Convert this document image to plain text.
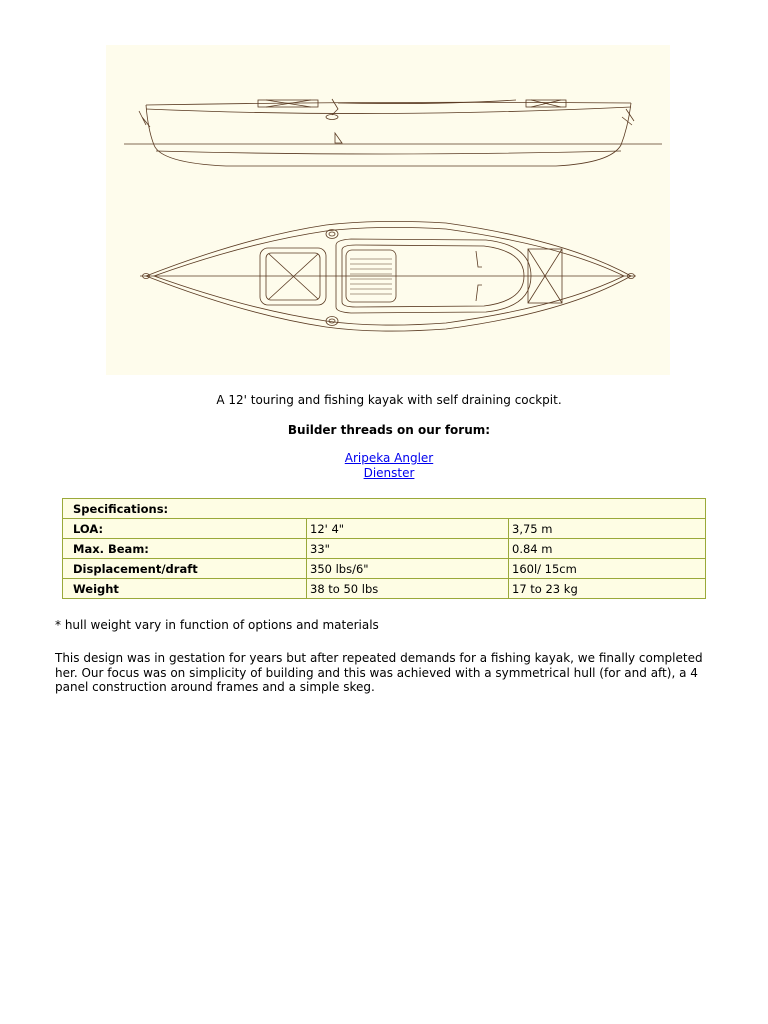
A 12' touring and fishing kayak with self draining cockpit.
Builder threads on our forum:
Aripeka Angler
Dienster
Specifications:		
LOA:	12' 4"	3,75 m
Max. Beam:	33"	0.84 m
Displacement/draft	350 lbs/6"	160l/ 15cm
Weight	38 to 50 lbs	17 to 23 kg
* hull weight vary in function of options and materials
This design was in gestation for years but after repeated demands for a fishing kayak, we finally completed her. Our focus was on simplicity of building and this was achieved with a symmetrical hull (for and aft), a 4 panel construction around frames and a simple skeg.
